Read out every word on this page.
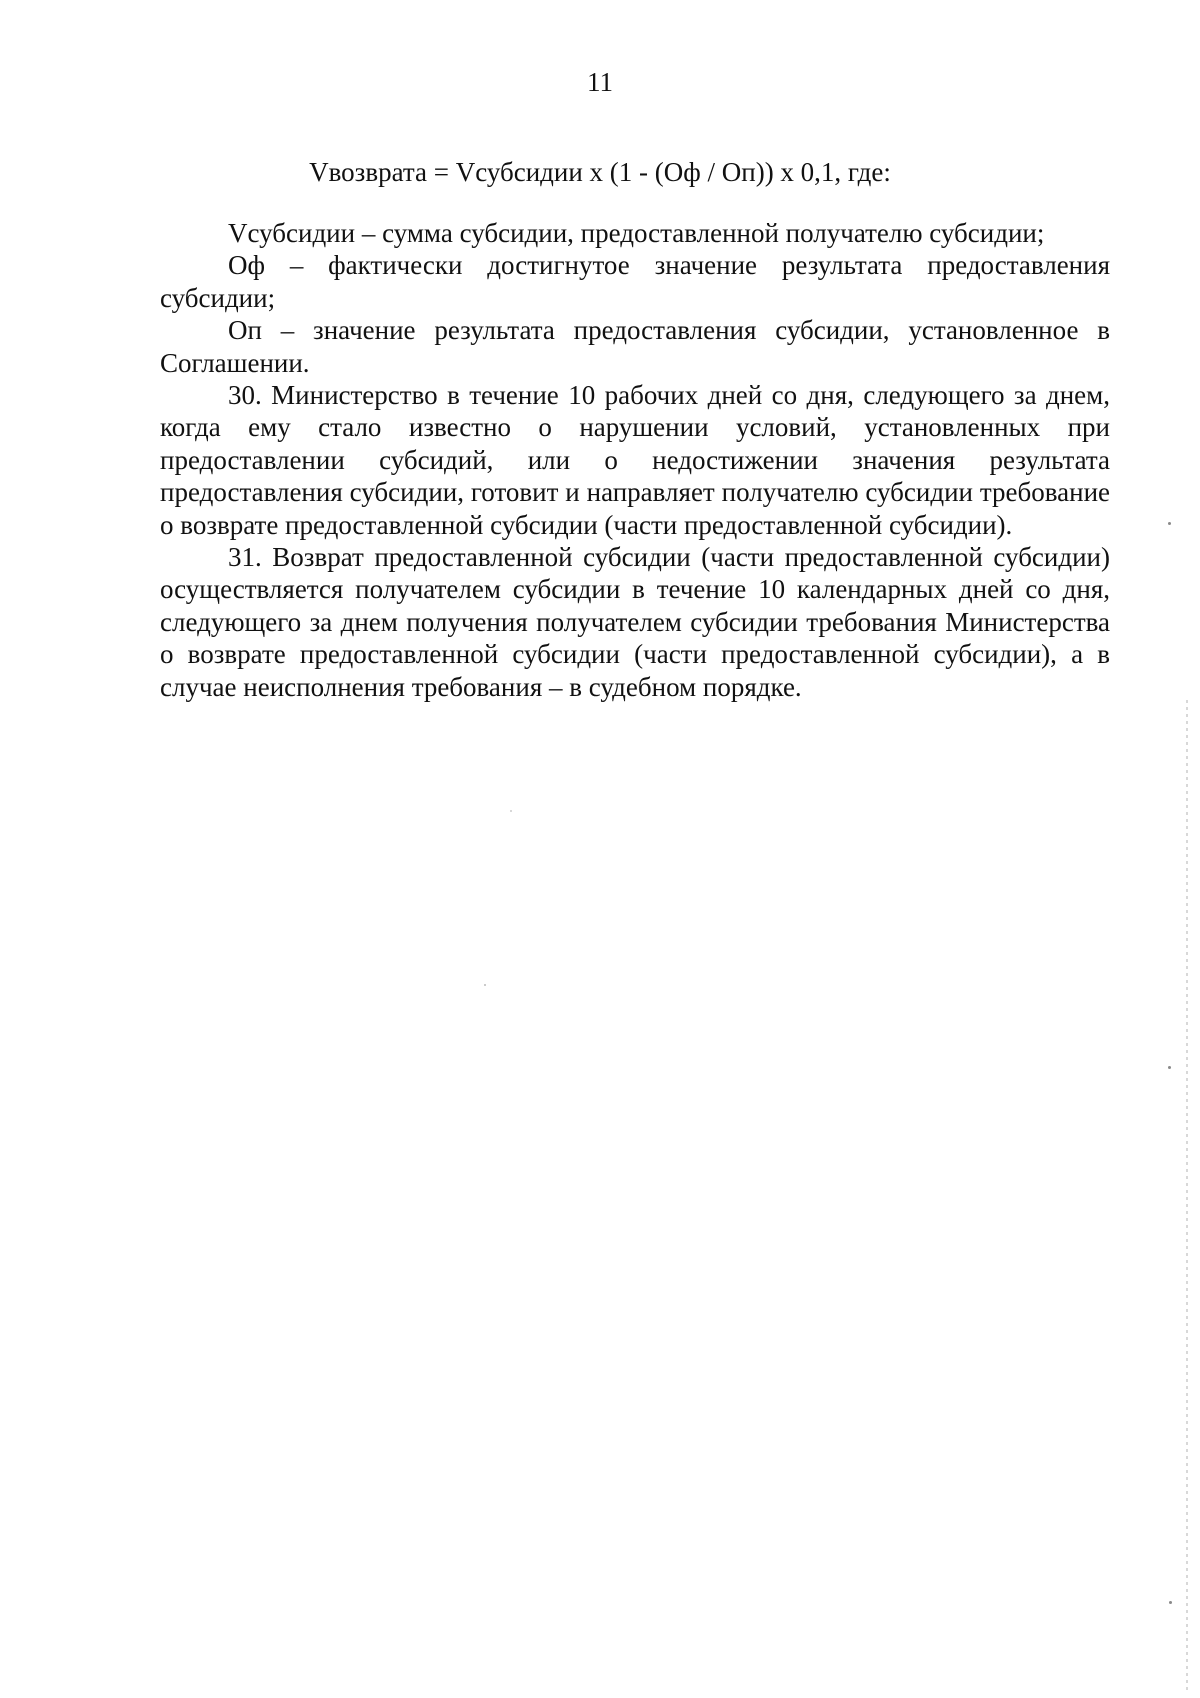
11
Vвозврата = Vсубсидии x (1 - (Оф / Оп)) x 0,1, где:

Vсубсидии – сумма субсидии, предоставленной получателю субсидии;

Оф – фактически достигнутое значение результата предоставления субсидии;

Оп – значение результата предоставления субсидии, установленное в Соглашении.

30. Министерство в течение 10 рабочих дней со дня, следующего за днем, когда ему стало известно о нарушении условий, установленных при предоставлении субсидий, или о недостижении значения результата предоставления субсидии, готовит и направляет получателю субсидии требование о возврате предоставленной субсидии (части предоставленной субсидии).

31. Возврат предоставленной субсидии (части предоставленной субсидии) осуществляется получателем субсидии в течение 10 календарных дней со дня, следующего за днем получения получателем субсидии требования Министерства о возврате предоставленной субсидии (части предоставленной субсидии), а в случае неисполнения требования – в судебном порядке.
